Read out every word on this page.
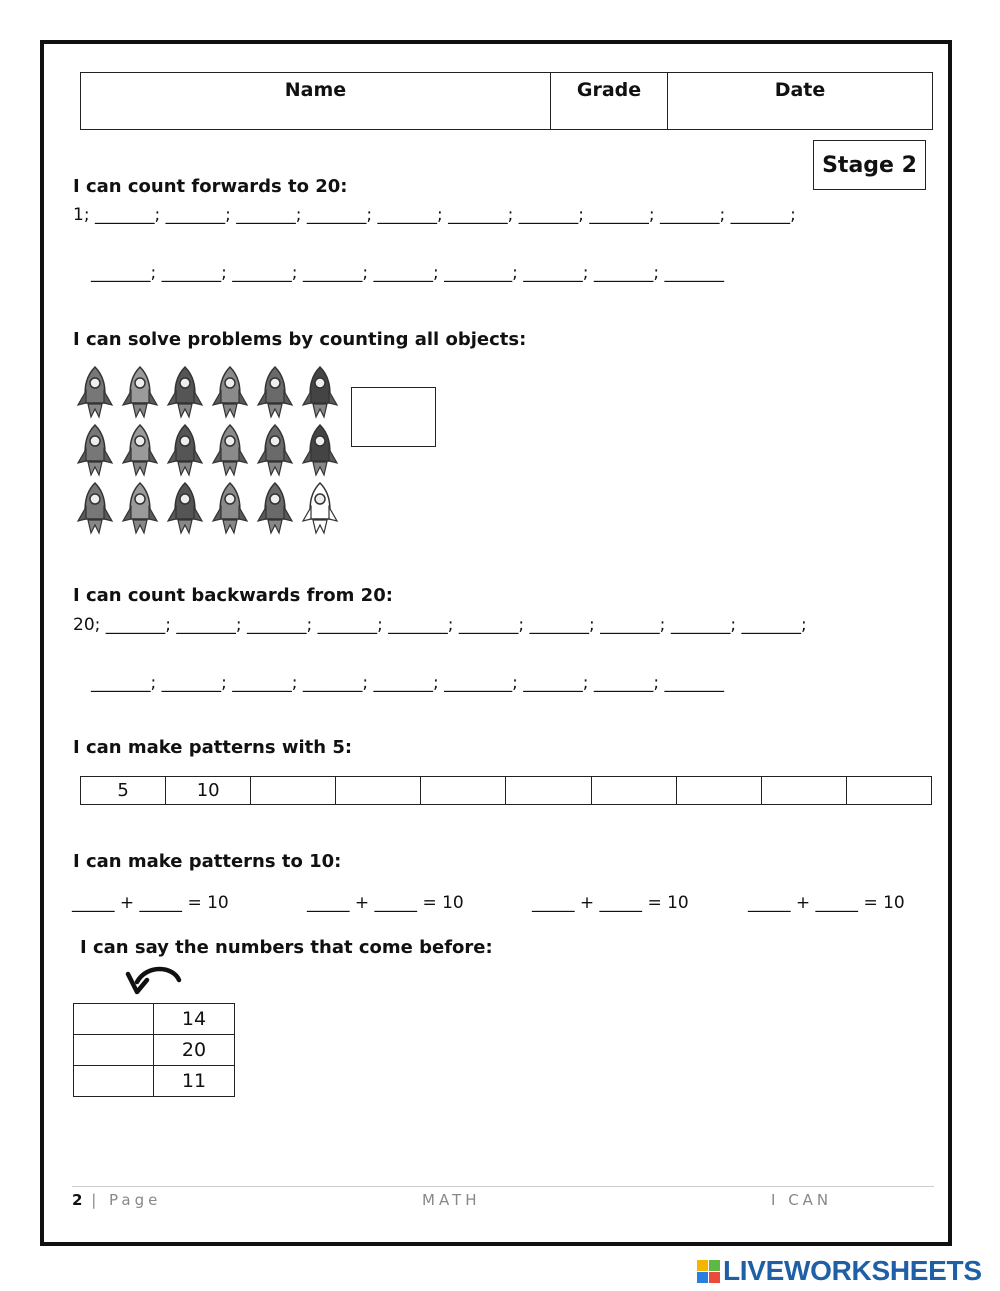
Name	Grade	Date
Stage 2
I can count forwards to 20:
1; _______; _______; _______; _______; _______; _______; _______; _______; _______; _______;
_______; _______; _______; _______; _______; ________; _______; _______; _______
I can solve problems by counting all objects:
I can count backwards from 20:
20; _______; _______; _______; _______; _______; _______; _______; _______; _______; _______;
_______; _______; _______; _______; _______; ________; _______; _______; _______
I can make patterns with 5:
5	10								
I can make patterns to 10:
_____ + _____ = 10	_____ + _____ = 10	_____ + _____ = 10	_____ + _____ = 10
I can say the numbers that come before:
	14
	20
	11
2 | Page	MATH	I CAN
LIVEWORKSHEETS
